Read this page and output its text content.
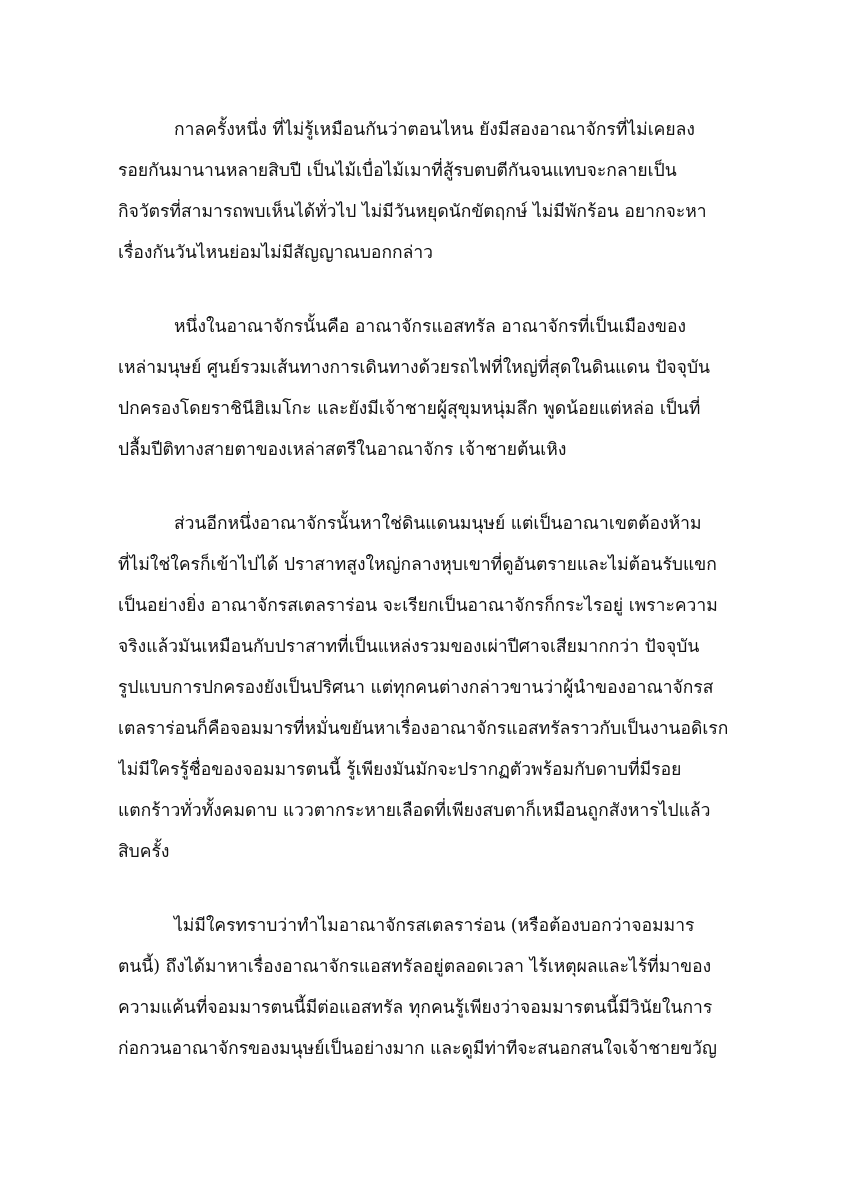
กาลครั้งหนึ่ง ที่ไม่รู้เหมือนกันว่าตอนไหน ยังมีสองอาณาจักรที่ไม่เคยลง
รอยกันมานานหลายสิบปี เป็นไม้เบื่อไม้เมาที่สู้รบตบตีกันจนแทบจะกลายเป็น
กิจวัตรที่สามารถพบเห็นได้ทั่วไป ไม่มีวันหยุดนักขัตฤกษ์ ไม่มีพักร้อน อยากจะหา
เรื่องกันวันไหนย่อมไม่มีสัญญาณบอกกล่าว

หนึ่งในอาณาจักรนั้นคือ อาณาจักรแอสทรัล อาณาจักรที่เป็นเมืองของ
เหล่ามนุษย์ ศูนย์รวมเส้นทางการเดินทางด้วยรถไฟที่ใหญ่ที่สุดในดินแดน ปัจจุบัน
ปกครองโดยราชินีฮิเมโกะ และยังมีเจ้าชายผู้สุขุมหนุ่มลึก พูดน้อยแต่หล่อ เป็นที่
ปลื้มปีติทางสายตาของเหล่าสตรีในอาณาจักร เจ้าชายต้นเหิง

ส่วนอีกหนึ่งอาณาจักรนั้นหาใช่ดินแดนมนุษย์ แต่เป็นอาณาเขตต้องห้าม
ที่ไม่ใช่ใครก็เข้าไปได้ ปราสาทสูงใหญ่กลางหุบเขาที่ดูอันตรายและไม่ต้อนรับแขก
เป็นอย่างยิ่ง อาณาจักรสเตลราร่อน จะเรียกเป็นอาณาจักรก็กระไรอยู่ เพราะความ
จริงแล้วมันเหมือนกับปราสาทที่เป็นแหล่งรวมของเผ่าปีศาจเสียมากกว่า ปัจจุบัน
รูปแบบการปกครองยังเป็นปริศนา แต่ทุกคนต่างกล่าวขานว่าผู้นำของอาณาจักรส
เตลราร่อนก็คือจอมมารที่หมั่นขยันหาเรื่องอาณาจักรแอสทรัลราวกับเป็นงานอดิเรก
ไม่มีใครรู้ชื่อของจอมมารตนนี้ รู้เพียงมันมักจะปรากฏตัวพร้อมกับดาบที่มีรอย
แตกร้าวทั่วทั้งคมดาบ แววตากระหายเลือดที่เพียงสบตาก็เหมือนถูกสังหารไปแล้ว
สิบครั้ง

ไม่มีใครทราบว่าทำไมอาณาจักรสเตลราร่อน (หรือต้องบอกว่าจอมมาร
ตนนี้) ถึงได้มาหาเรื่องอาณาจักรแอสทรัลอยู่ตลอดเวลา ไร้เหตุผลและไร้ที่มาของ
ความแค้นที่จอมมารตนนี้มีต่อแอสทรัล ทุกคนรู้เพียงว่าจอมมารตนนี้มีวินัยในการ
ก่อกวนอาณาจักรของมนุษย์เป็นอย่างมาก และดูมีท่าทีจะสนอกสนใจเจ้าชายขวัญ
